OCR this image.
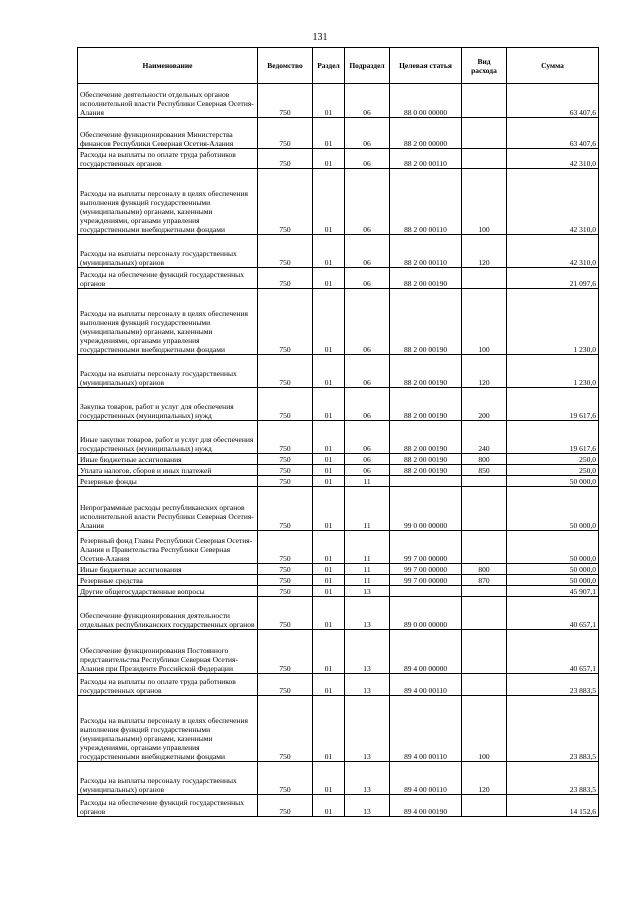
131
Наименование	Ведомство	Раздел	Подраздел	Целевая статья	Вид расхода	Сумма
Обеспечение деятельности отдельных органов исполнительной власти Республики Северная Осетия-Алания	750	01	06	88 0 00 00000		63 407,6
Обеспечение функционирования Министерства финансов Республики Северная Осетия-Алания	750	01	06	88 2 00 00000		63 407,6
Расходы на выплаты по оплате труда работников государственных органов	750	01	06	88 2 00 00110		42 310,0
Расходы на выплаты персоналу в целях обеспечения выполнения функций государственными (муниципальными) органами, казенными учреждениями, органами управления государственными внебюджетными фондами	750	01	06	88 2 00 00110	100	42 310,0
Расходы на выплаты персоналу государственных (муниципальных) органов	750	01	06	88 2 00 00110	120	42 310,0
Расходы на обеспечение функций государственных органов	750	01	06	88 2 00 00190		21 097,6
Расходы на выплаты персоналу в целях обеспечения выполнения функций государственными (муниципальными) органами, казенными учреждениями, органами управления государственными внебюджетными фондами	750	01	06	88 2 00 00190	100	1 230,0
Расходы на выплаты персоналу государственных (муниципальных) органов	750	01	06	88 2 00 00190	120	1 230,0
Закупка товаров, работ и услуг для обеспечения государственных (муниципальных) нужд	750	01	06	88 2 00 00190	200	19 617,6
Иные закупки товаров, работ и услуг для обеспечения государственных (муниципальных) нужд	750	01	06	88 2 00 00190	240	19 617,6
Иные бюджетные ассигнования	750	01	06	88 2 00 00190	800	250,0
Уплата налогов, сборов и иных платежей	750	01	06	88 2 00 00190	850	250,0
Резервные фонды	750	01	11			50 000,0
Непрограммные расходы республиканских органов исполнительной власти Республики Северная Осетия-Алания	750	01	11	99 0 00 00000		50 000,0
Резервный фонд Главы Республики Северная Осетия-Алания и Правительства Республики Северная Осетия-Алания	750	01	11	99 7 00 00000		50 000,0
Иные бюджетные ассигнования	750	01	11	99 7 00 00000	800	50 000,0
Резервные средства	750	01	11	99 7 00 00000	870	50 000,0
Другие общегосударственные вопросы	750	01	13			45 907,1
Обеспечение функционирования деятельности отдельных республиканских государственных органов	750	01	13	89 0 00 00000		40 657,1
Обеспечение функционирования Постоянного представительства Республики Северная Осетия-Алания при Президенте Российской Федерации	750	01	13	89 4 00 00000		40 657,1
Расходы на выплаты по оплате труда работников государственных органов	750	01	13	89 4 00 00110		23 883,5
Расходы на выплаты персоналу в целях обеспечения выполнения функций государственными (муниципальными) органами, казенными учреждениями, органами управления государственными внебюджетными фондами	750	01	13	89 4 00 00110	100	23 883,5
Расходы на выплаты персоналу государственных (муниципальных) органов	750	01	13	89 4 00 00110	120	23 883,5
Расходы на обеспечение функций государственных органов	750	01	13	89 4 00 00190		14 152,6
